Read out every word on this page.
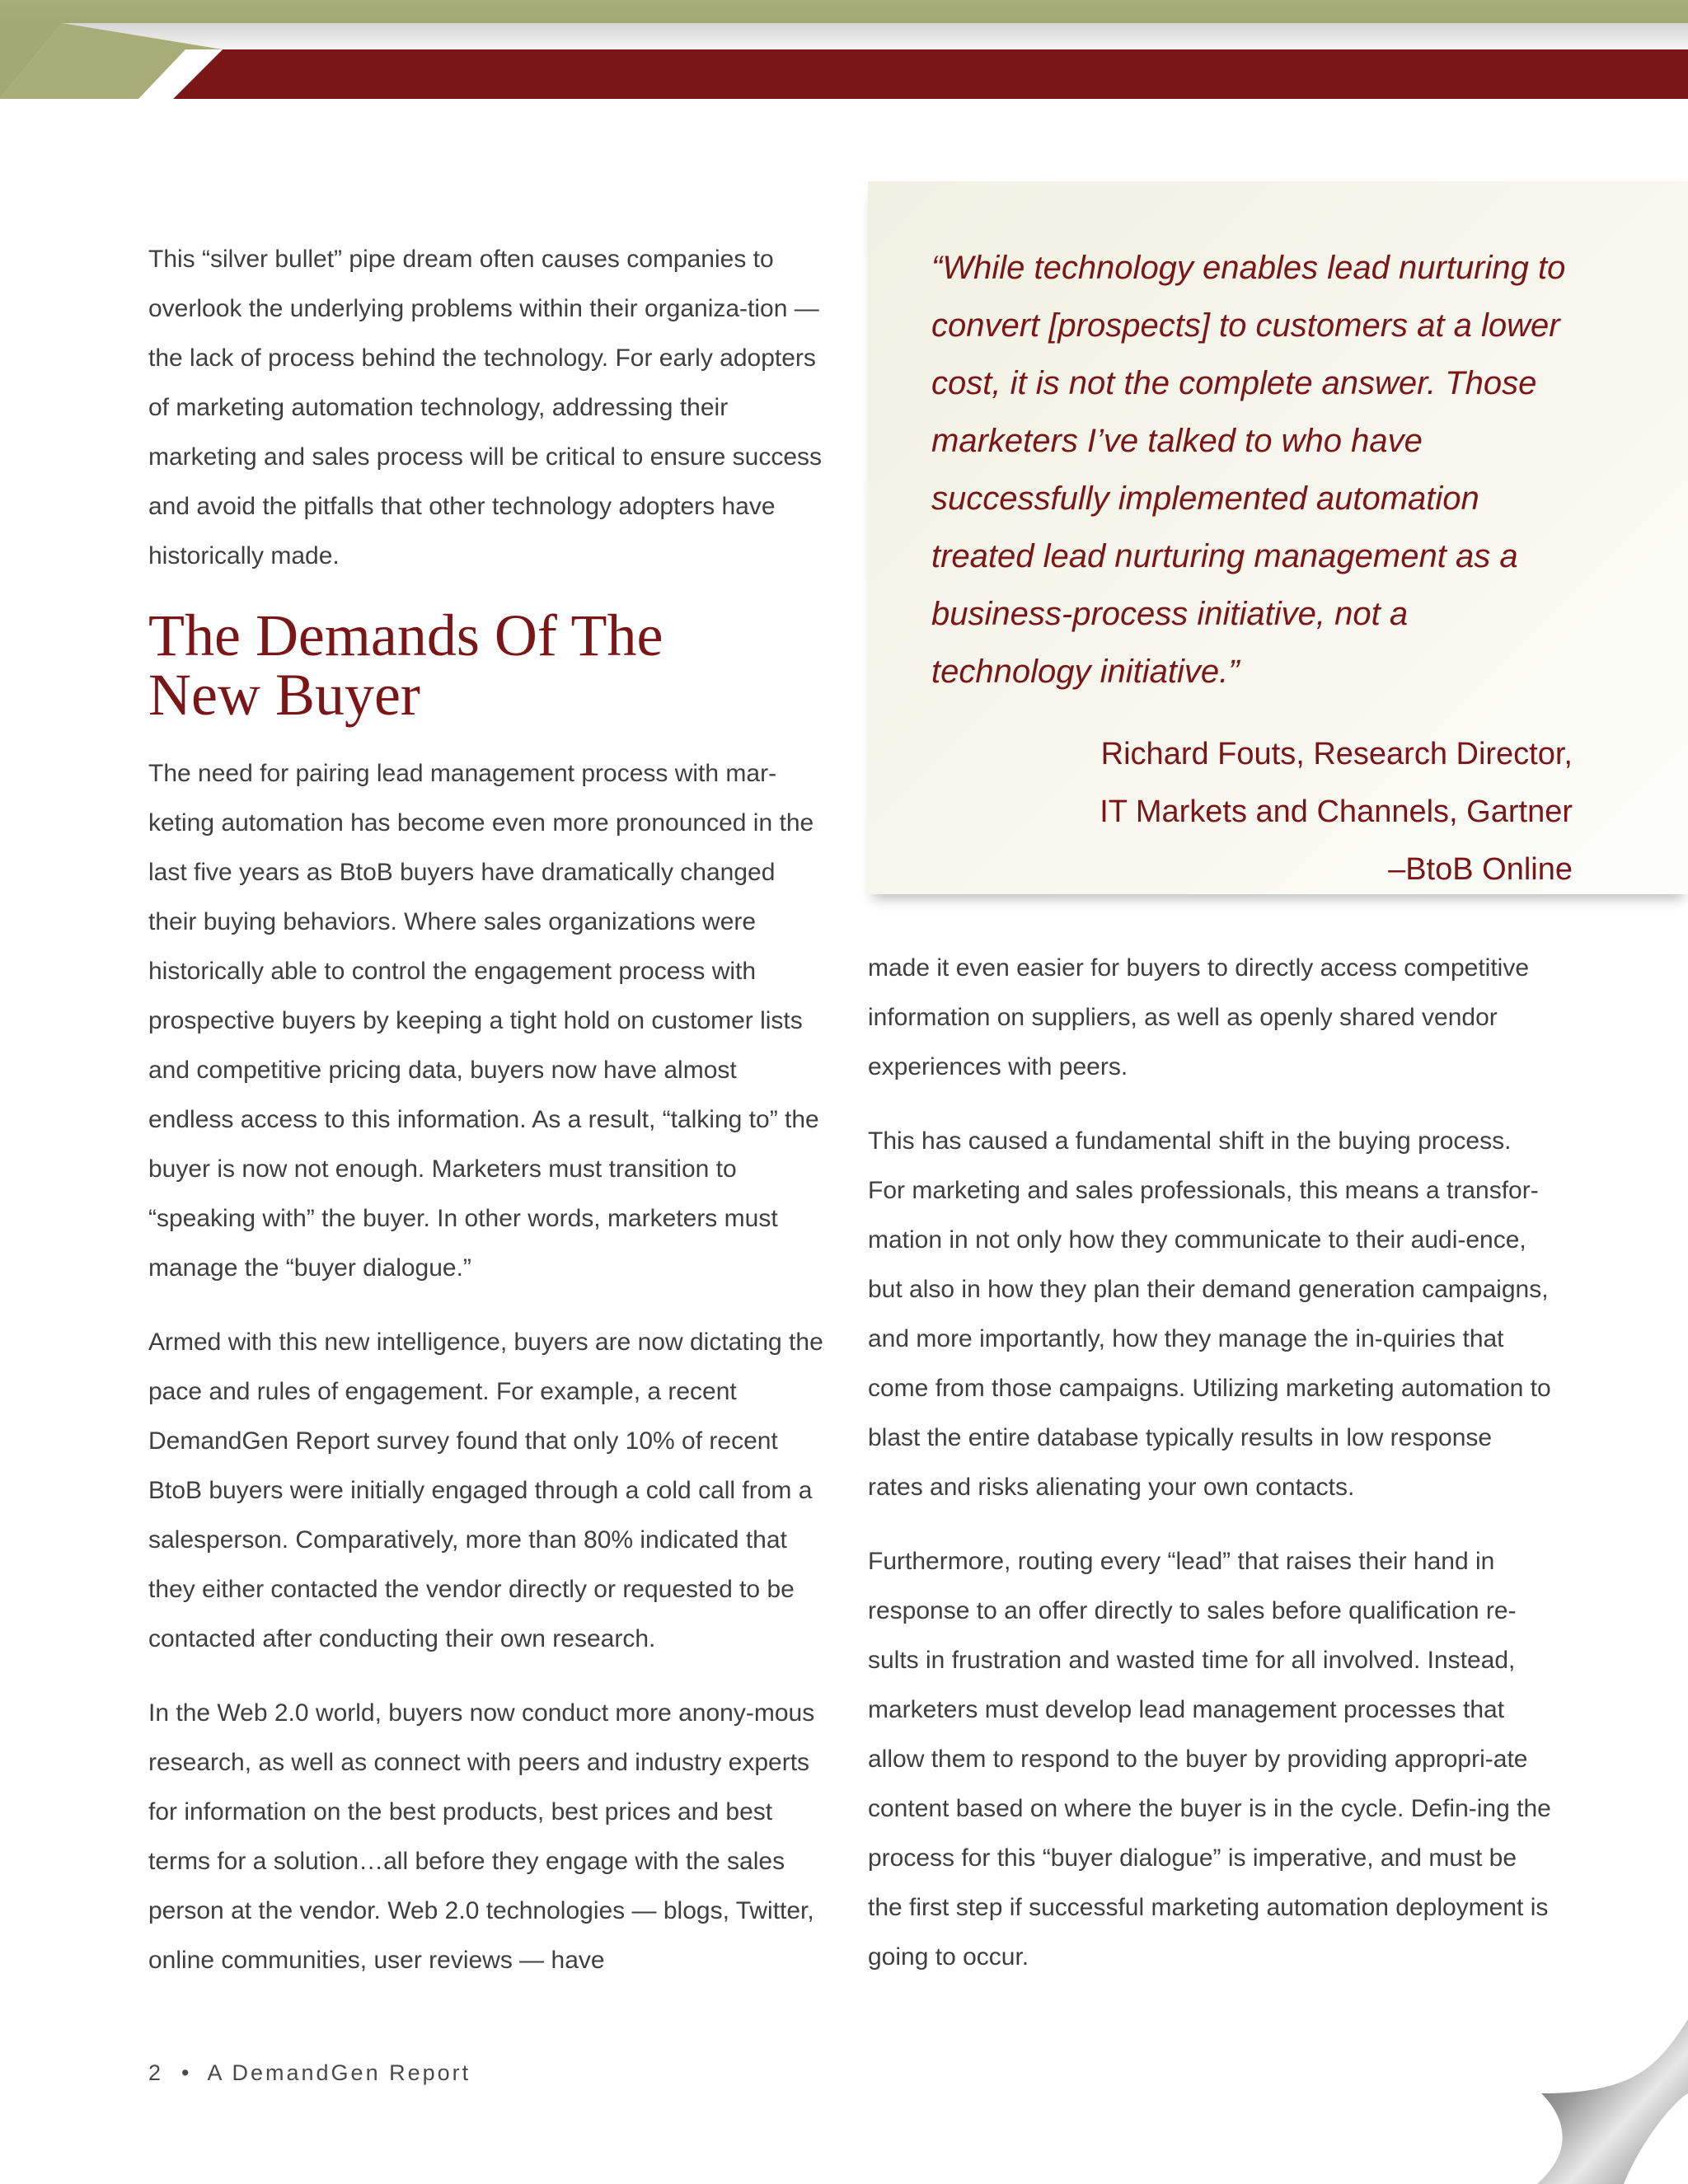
This “silver bullet” pipe dream often causes companies to overlook the underlying problems within their organiza-tion — the lack of process behind the technology. For early adopters of marketing automation technology, addressing their marketing and sales process will be critical to ensure success and avoid the pitfalls that other technology adopters have historically made.

The Demands Of The
New Buyer

The need for pairing lead management process with mar-keting automation has become even more pronounced in the last five years as BtoB buyers have dramatically changed their buying behaviors. Where sales organizations were historically able to control the engagement process with prospective buyers by keeping a tight hold on customer lists and competitive pricing data, buyers now have almost endless access to this information. As a result, “talking to” the buyer is now not enough. Marketers must transition to “speaking with” the buyer. In other words, marketers must manage the “buyer dialogue.”

Armed with this new intelligence, buyers are now dictating the pace and rules of engagement. For example, a recent DemandGen Report survey found that only 10% of recent BtoB buyers were initially engaged through a cold call from a salesperson. Comparatively, more than 80% indicated that they either contacted the vendor directly or requested to be contacted after conducting their own research.

In the Web 2.0 world, buyers now conduct more anony-mous research, as well as connect with peers and industry experts for information on the best products, best prices and best terms for a solution…all before they engage with the sales person at the vendor. Web 2.0 technologies — blogs, Twitter, online communities, user reviews — have

“While technology enables lead nurturing to convert [prospects] to customers at a lower cost, it is not the complete answer. Those marketers I’ve talked to who have successfully implemented automation treated lead nurturing management as a business-process initiative, not a technology initiative.”

Richard Fouts, Research Director,
IT Markets and Channels, Gartner
–BtoB Online

made it even easier for buyers to directly access competitive information on suppliers, as well as openly shared vendor experiences with peers.

This has caused a fundamental shift in the buying process. For marketing and sales professionals, this means a transfor-mation in not only how they communicate to their audi-ence, but also in how they plan their demand generation campaigns, and more importantly, how they manage the in-quiries that come from those campaigns. Utilizing marketing automation to blast the entire database typically results in low response rates and risks alienating your own contacts.

Furthermore, routing every “lead” that raises their hand in response to an offer directly to sales before qualification re-sults in frustration and wasted time for all involved. Instead, marketers must develop lead management processes that allow them to respond to the buyer by providing appropri-ate content based on where the buyer is in the cycle. Defin-ing the process for this “buyer dialogue” is imperative, and must be the first step if successful marketing automation deployment is going to occur.

2 • A DemandGen Report
